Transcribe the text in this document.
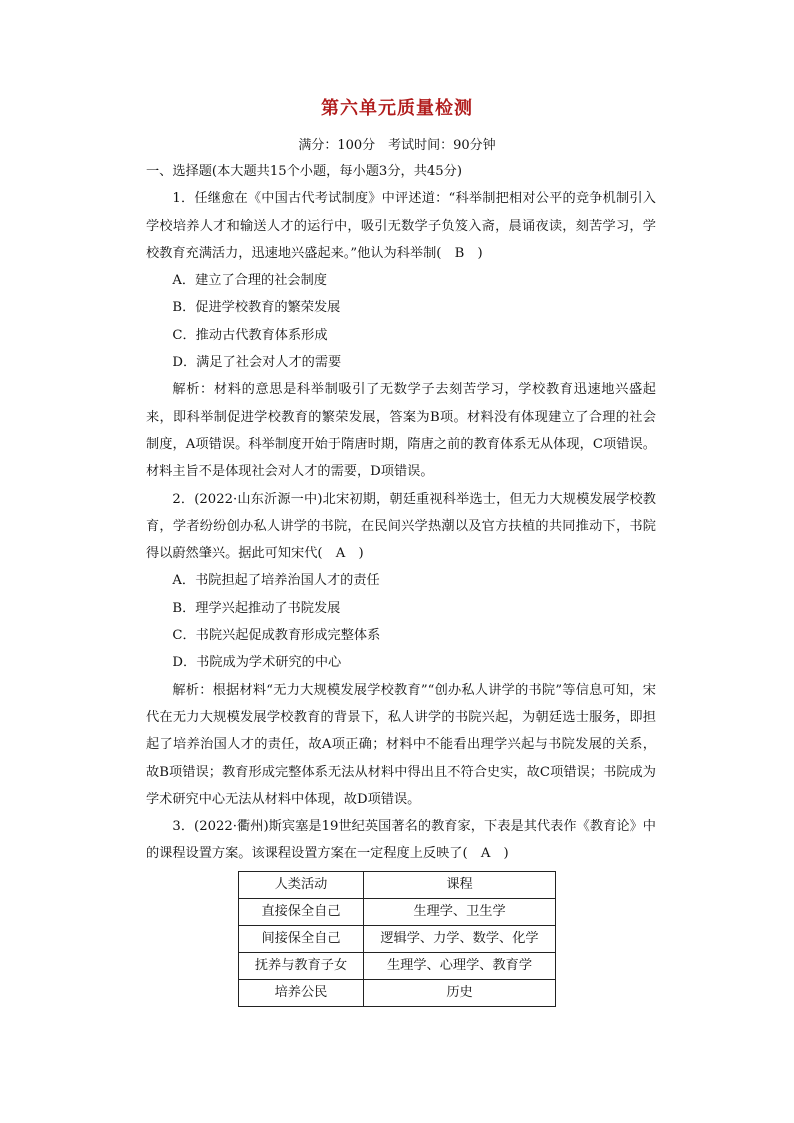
第六单元质量检测
满分：100分　考试时间：90分钟

一、选择题(本大题共15个小题，每小题3分，共45分)

1．任继愈在《中国古代考试制度》中评述道：“科举制把相对公平的竞争机制引入学校培养人才和输送人才的运行中，吸引无数学子负笈入斋，晨诵夜读，刻苦学习，学校教育充满活力，迅速地兴盛起来。”他认为科举制(　B　)

A．建立了合理的社会制度

B．促进学校教育的繁荣发展

C．推动古代教育体系形成

D．满足了社会对人才的需要

解析：材料的意思是科举制吸引了无数学子去刻苦学习，学校教育迅速地兴盛起来，即科举制促进学校教育的繁荣发展，答案为B项。材料没有体现建立了合理的社会制度，A项错误。科举制度开始于隋唐时期，隋唐之前的教育体系无从体现，C项错误。材料主旨不是体现社会对人才的需要，D项错误。

2．(2022·山东沂源一中)北宋初期，朝廷重视科举选士，但无力大规模发展学校教育，学者纷纷创办私人讲学的书院，在民间兴学热潮以及官方扶植的共同推动下，书院得以蔚然肇兴。据此可知宋代(　A　)

A．书院担起了培养治国人才的责任

B．理学兴起推动了书院发展

C．书院兴起促成教育形成完整体系

D．书院成为学术研究的中心

解析：根据材料“无力大规模发展学校教育”“创办私人讲学的书院”等信息可知，宋代在无力大规模发展学校教育的背景下，私人讲学的书院兴起，为朝廷选士服务，即担起了培养治国人才的责任，故A项正确；材料中不能看出理学兴起与书院发展的关系，故B项错误；教育形成完整体系无法从材料中得出且不符合史实，故C项错误；书院成为学术研究中心无法从材料中体现，故D项错误。

3．(2022·衢州)斯宾塞是19世纪英国著名的教育家，下表是其代表作《教育论》中的课程设置方案。该课程设置方案在一定程度上反映了(　A　)

人类活动	课程
直接保全自己	生理学、卫生学
间接保全自己	逻辑学、力学、数学、化学
抚养与教育子女	生理学、心理学、教育学
培养公民	历史
